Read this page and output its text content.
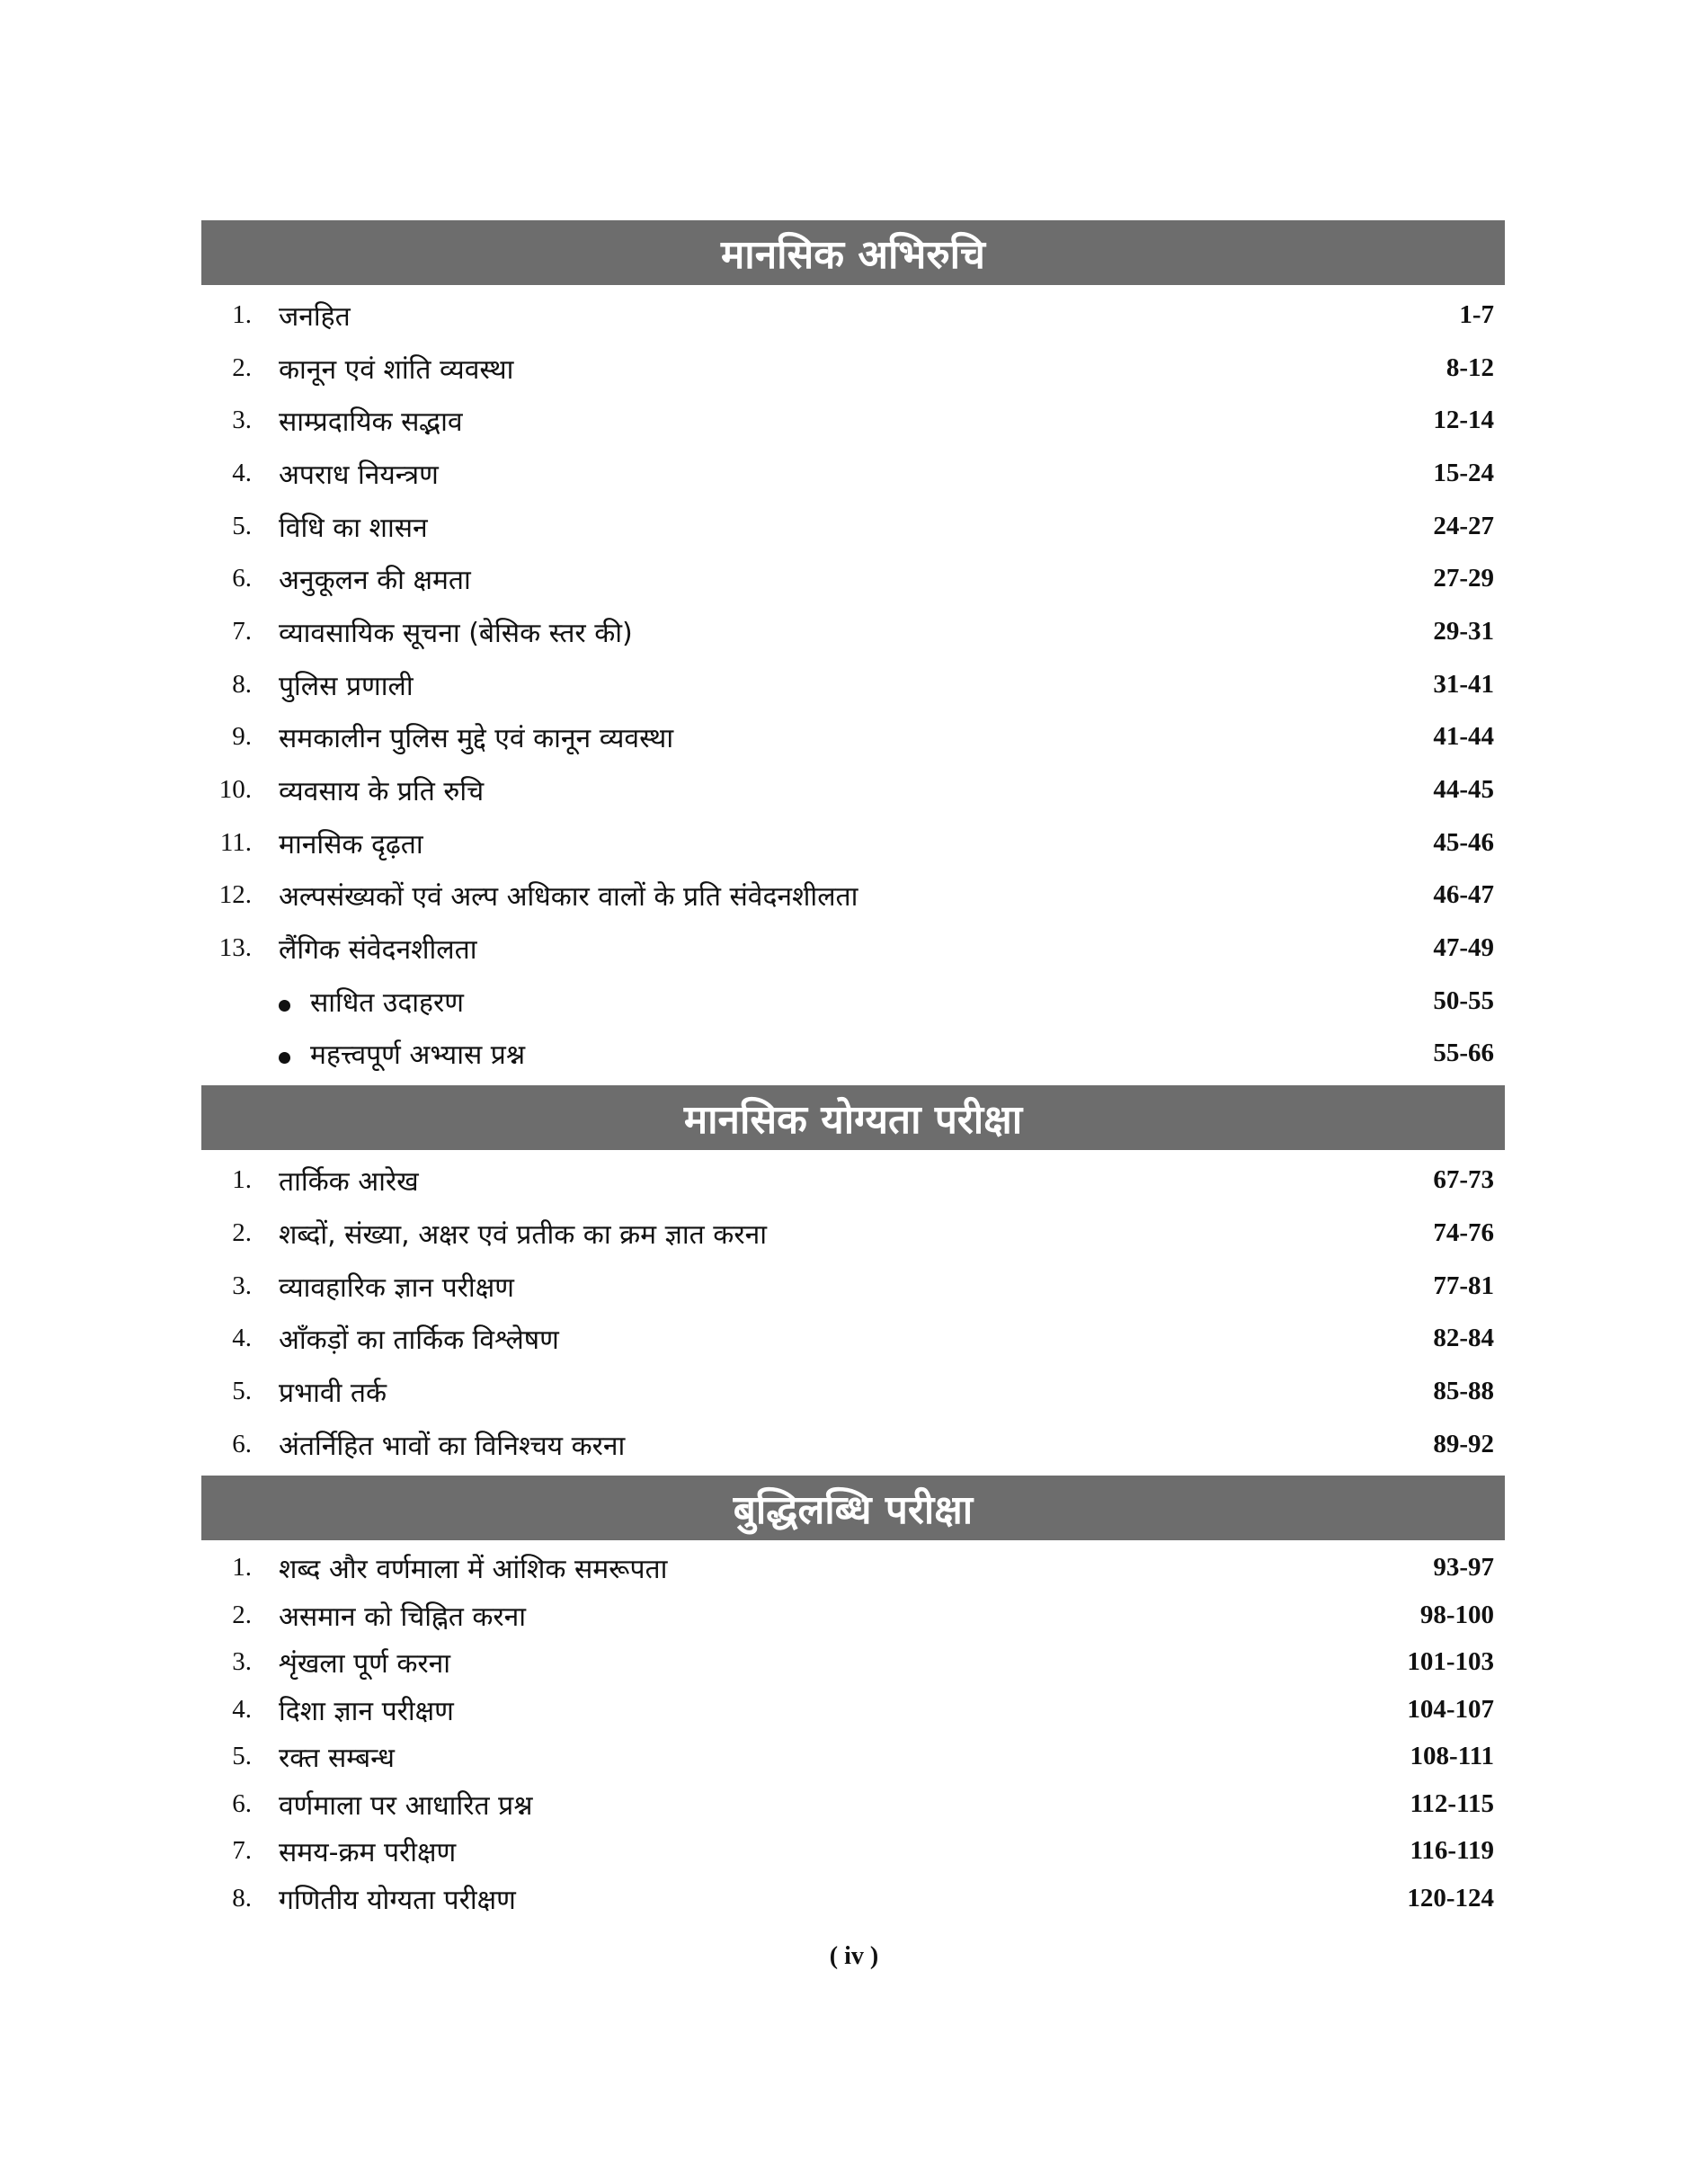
मानसिक अभिरुचि
1.	जनहित	1-7
2.	कानून एवं शांति व्यवस्था	8-12
3.	साम्प्रदायिक सद्भाव	12-14
4.	अपराध नियन्त्रण	15-24
5.	विधि का शासन	24-27
6.	अनुकूलन की क्षमता	27-29
7.	व्यावसायिक सूचना (बेसिक स्तर की)	29-31
8.	पुलिस प्रणाली	31-41
9.	समकालीन पुलिस मुद्दे एवं कानून व्यवस्था	41-44
10.	व्यवसाय के प्रति रुचि	44-45
11.	मानसिक दृढ़ता	45-46
12.	अल्पसंख्यकों एवं अल्प अधिकार वालों के प्रति संवेदनशीलता	46-47
13.	लैंगिक संवेदनशीलता	47-49
साधित उदाहरण	50-55
महत्त्वपूर्ण अभ्यास प्रश्न	55-66
मानसिक योग्यता परीक्षा
1.	तार्किक आरेख	67-73
2.	शब्दों, संख्या, अक्षर एवं प्रतीक का क्रम ज्ञात करना	74-76
3.	व्यावहारिक ज्ञान परीक्षण	77-81
4.	आँकड़ों का तार्किक विश्लेषण	82-84
5.	प्रभावी तर्क	85-88
6.	अंतर्निहित भावों का विनिश्चय करना	89-92
बुद्धिलब्धि परीक्षा
1.	शब्द और वर्णमाला में आंशिक समरूपता	93-97
2.	असमान को चिह्नित करना	98-100
3.	शृंखला पूर्ण करना	101-103
4.	दिशा ज्ञान परीक्षण	104-107
5.	रक्त सम्बन्ध	108-111
6.	वर्णमाला पर आधारित प्रश्न	112-115
7.	समय-क्रम परीक्षण	116-119
8.	गणितीय योग्यता परीक्षण	120-124
( iv )
